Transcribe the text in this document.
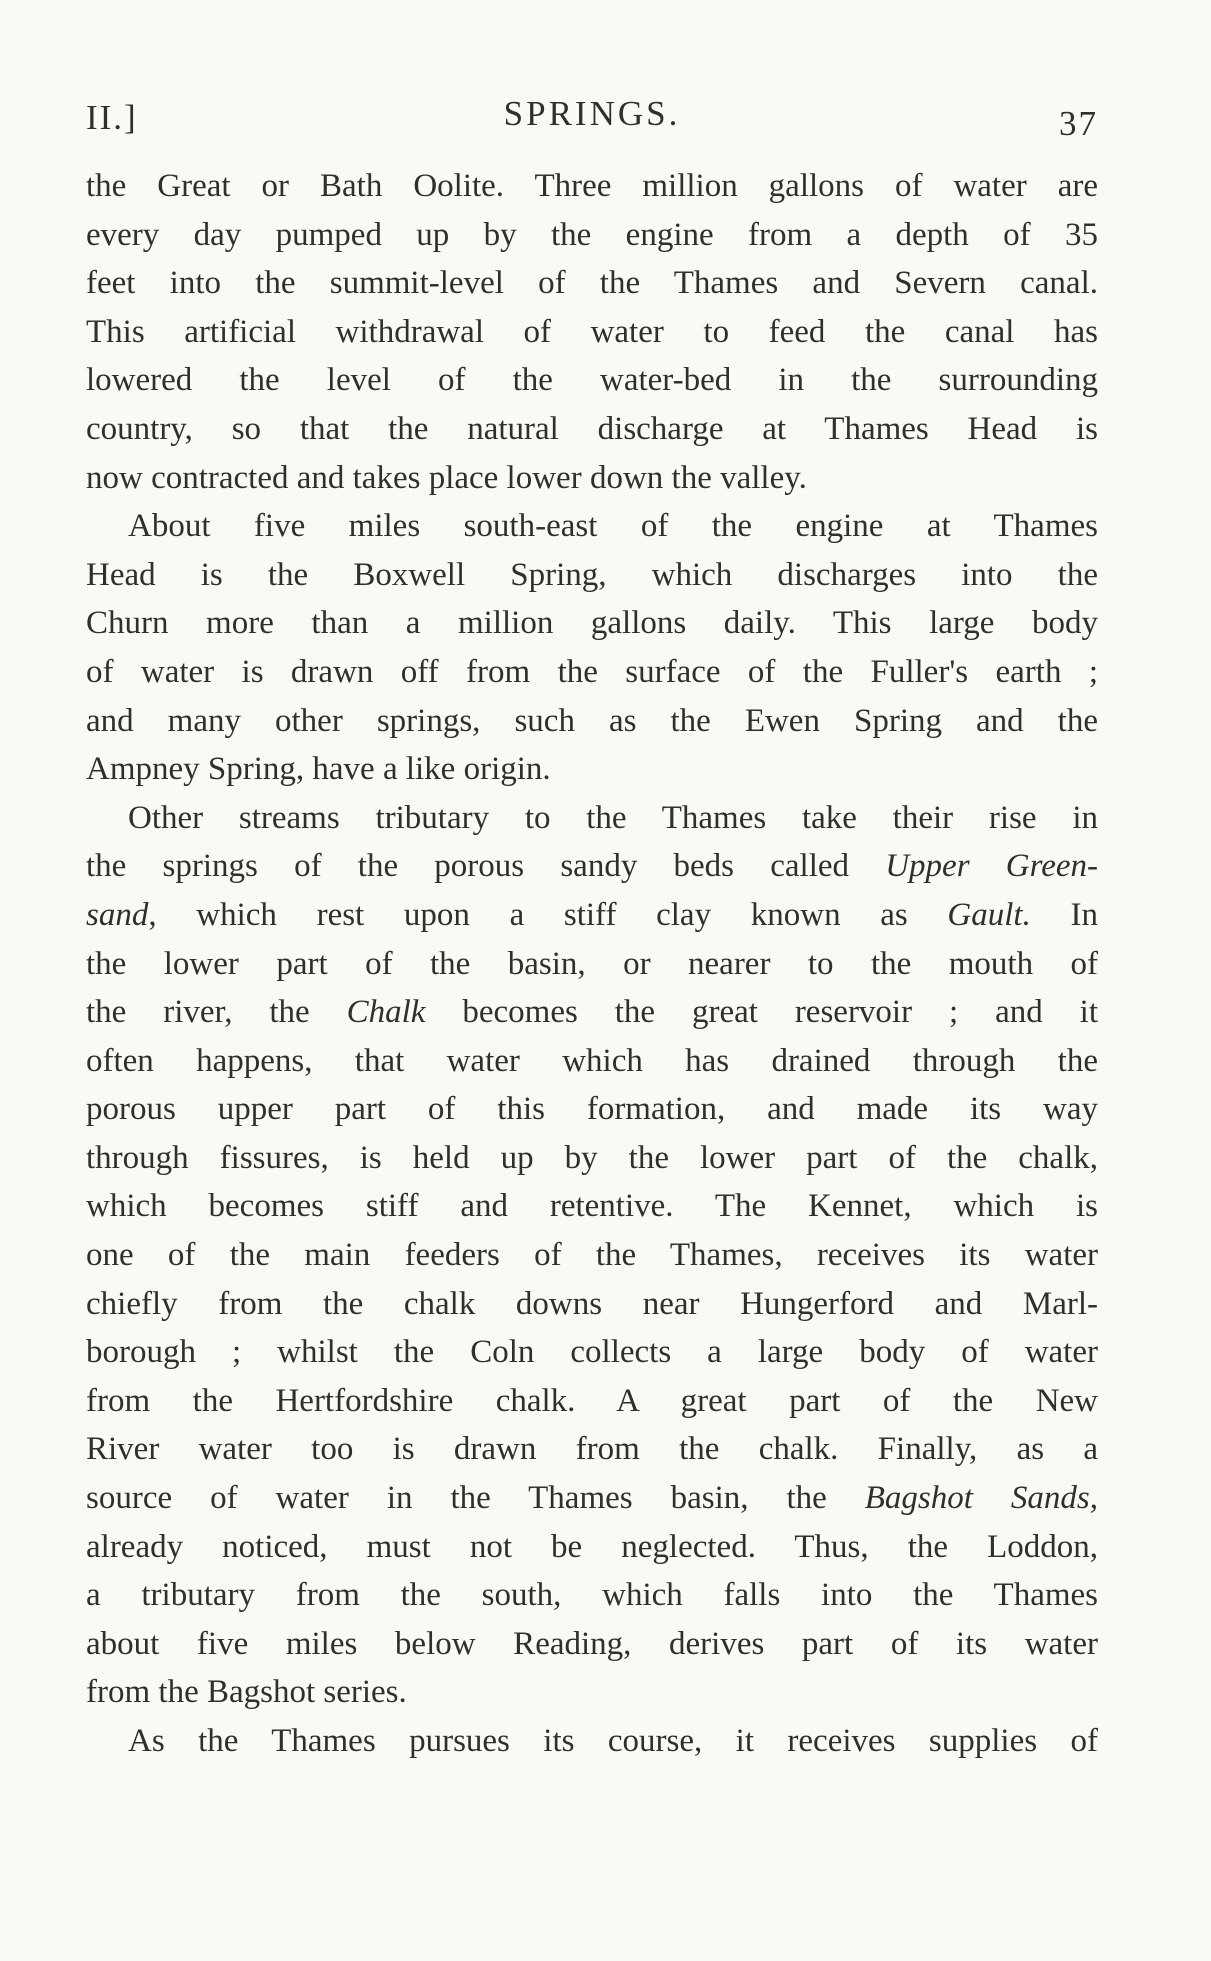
II.]	SPRINGS.	37
the Great or Bath Oolite. Three million gallons of water are
every day pumped up by the engine from a depth of 35
feet into the summit-level of the Thames and Severn canal.
This artificial withdrawal of water to feed the canal has
lowered the level of the water-bed in the surrounding
country, so that the natural discharge at Thames Head is
now contracted and takes place lower down the valley.
About five miles south-east of the engine at Thames
Head is the Boxwell Spring, which discharges into the
Churn more than a million gallons daily. This large body
of water is drawn off from the surface of the Fuller's earth ;
and many other springs, such as the Ewen Spring and the
Ampney Spring, have a like origin.
Other streams tributary to the Thames take their rise in
the springs of the porous sandy beds called Upper Green-
sand, which rest upon a stiff clay known as Gault. In
the lower part of the basin, or nearer to the mouth of
the river, the Chalk becomes the great reservoir ; and it
often happens, that water which has drained through the
porous upper part of this formation, and made its way
through fissures, is held up by the lower part of the chalk,
which becomes stiff and retentive. The Kennet, which is
one of the main feeders of the Thames, receives its water
chiefly from the chalk downs near Hungerford and Marl-
borough ; whilst the Coln collects a large body of water
from the Hertfordshire chalk. A great part of the New
River water too is drawn from the chalk. Finally, as a
source of water in the Thames basin, the Bagshot Sands,
already noticed, must not be neglected. Thus, the Loddon,
a tributary from the south, which falls into the Thames
about five miles below Reading, derives part of its water
from the Bagshot series.
As the Thames pursues its course, it receives supplies of
